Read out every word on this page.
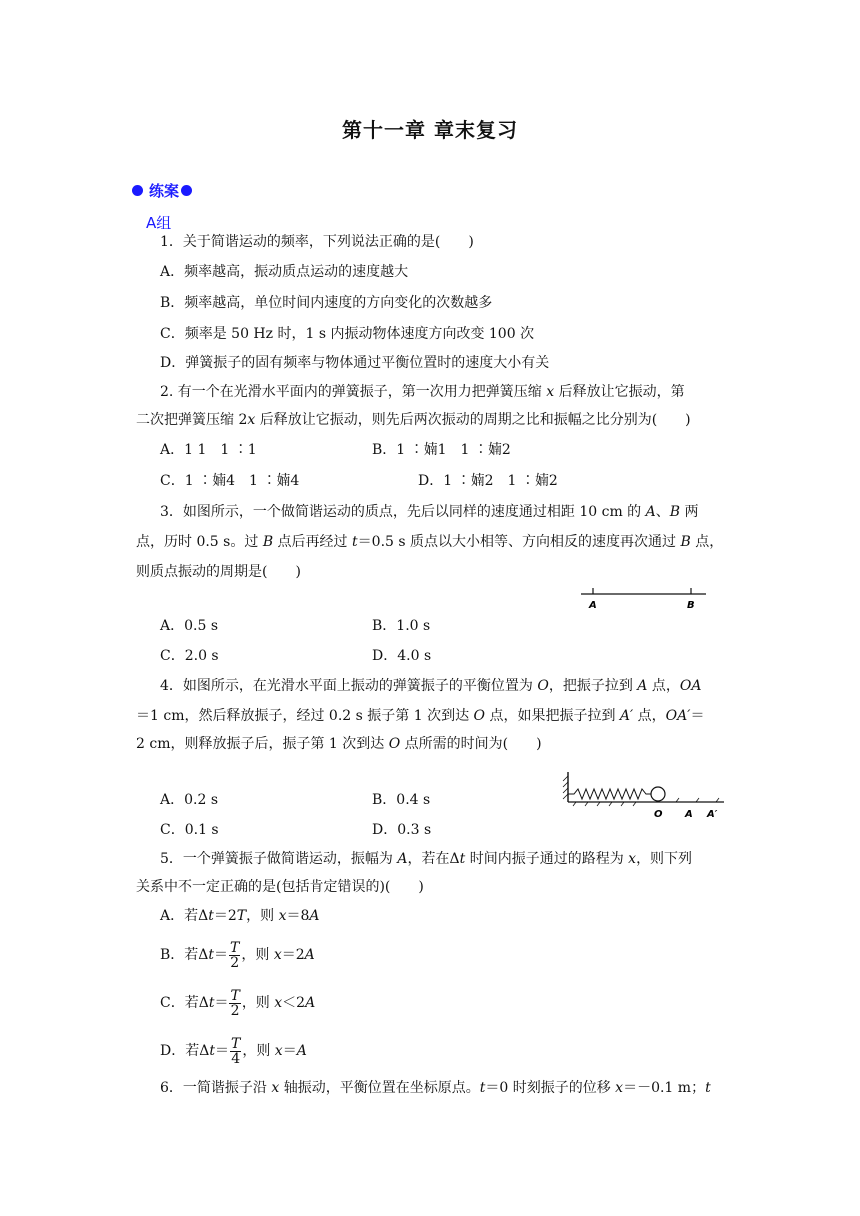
第十一章 章末复习
练案
A组
1．关于简谐运动的频率，下列说法正确的是(　　)
A．频率越高，振动质点运动的速度越大
B．频率越高，单位时间内速度的方向变化的次数越多
C．频率是 50 Hz 时，1 s 内振动物体速度方向改变 100 次
D．弹簧振子的固有频率与物体通过平衡位置时的速度大小有关
2. 有一个在光滑水平面内的弹簧振子，第一次用力把弹簧压缩 x 后释放让它振动，第
二次把弹簧压缩 2x 后释放让它振动，则先后两次振动的周期之比和振幅之比分别为(　　)
A．1 1　1 ∶1	B．1 ∶婻1　1 ∶婻2
C．1 ∶婻4　1 ∶婻4	D．1 ∶婻2　1 ∶婻2
3．如图所示，一个做简谐运动的质点，先后以同样的速度通过相距 10 cm 的 A、B 两
点，历时 0.5 s。过 B 点后再经过 t＝0.5 s 质点以大小相等、方向相反的速度再次通过 B 点，
则质点振动的周期是(　　)
A	B
A．0.5 s	B．1.0 s
C．2.0 s	D．4.0 s
4．如图所示，在光滑水平面上振动的弹簧振子的平衡位置为 O，把振子拉到 A 点，OA
＝1 cm，然后释放振子，经过 0.2 s 振子第 1 次到达 O 点，如果把振子拉到 A′ 点，OA′＝
2 cm，则释放振子后，振子第 1 次到达 O 点所需的时间为(　　)
O A A′
A．0.2 s	B．0.4 s
C．0.1 s	D．0.3 s
5．一个弹簧振子做简谐运动，振幅为 A，若在Δt 时间内振子通过的路程为 x，则下列
关系中不一定正确的是(包括肯定错误的)(　　)
A．若Δt＝2T，则 x＝8A
B．若$\Delta t= \frac{T}{2}$ ，则 x＝2A
C．若$\Delta t= \frac{T}{2}$ ，则 x＜2A
D．若$\Delta t= \frac{T}{4}$ ，则 x＝A
6．一简谐振子沿 x 轴振动，平衡位置在坐标原点。t＝0 时刻振子的位移 x＝－0.1 m；t
